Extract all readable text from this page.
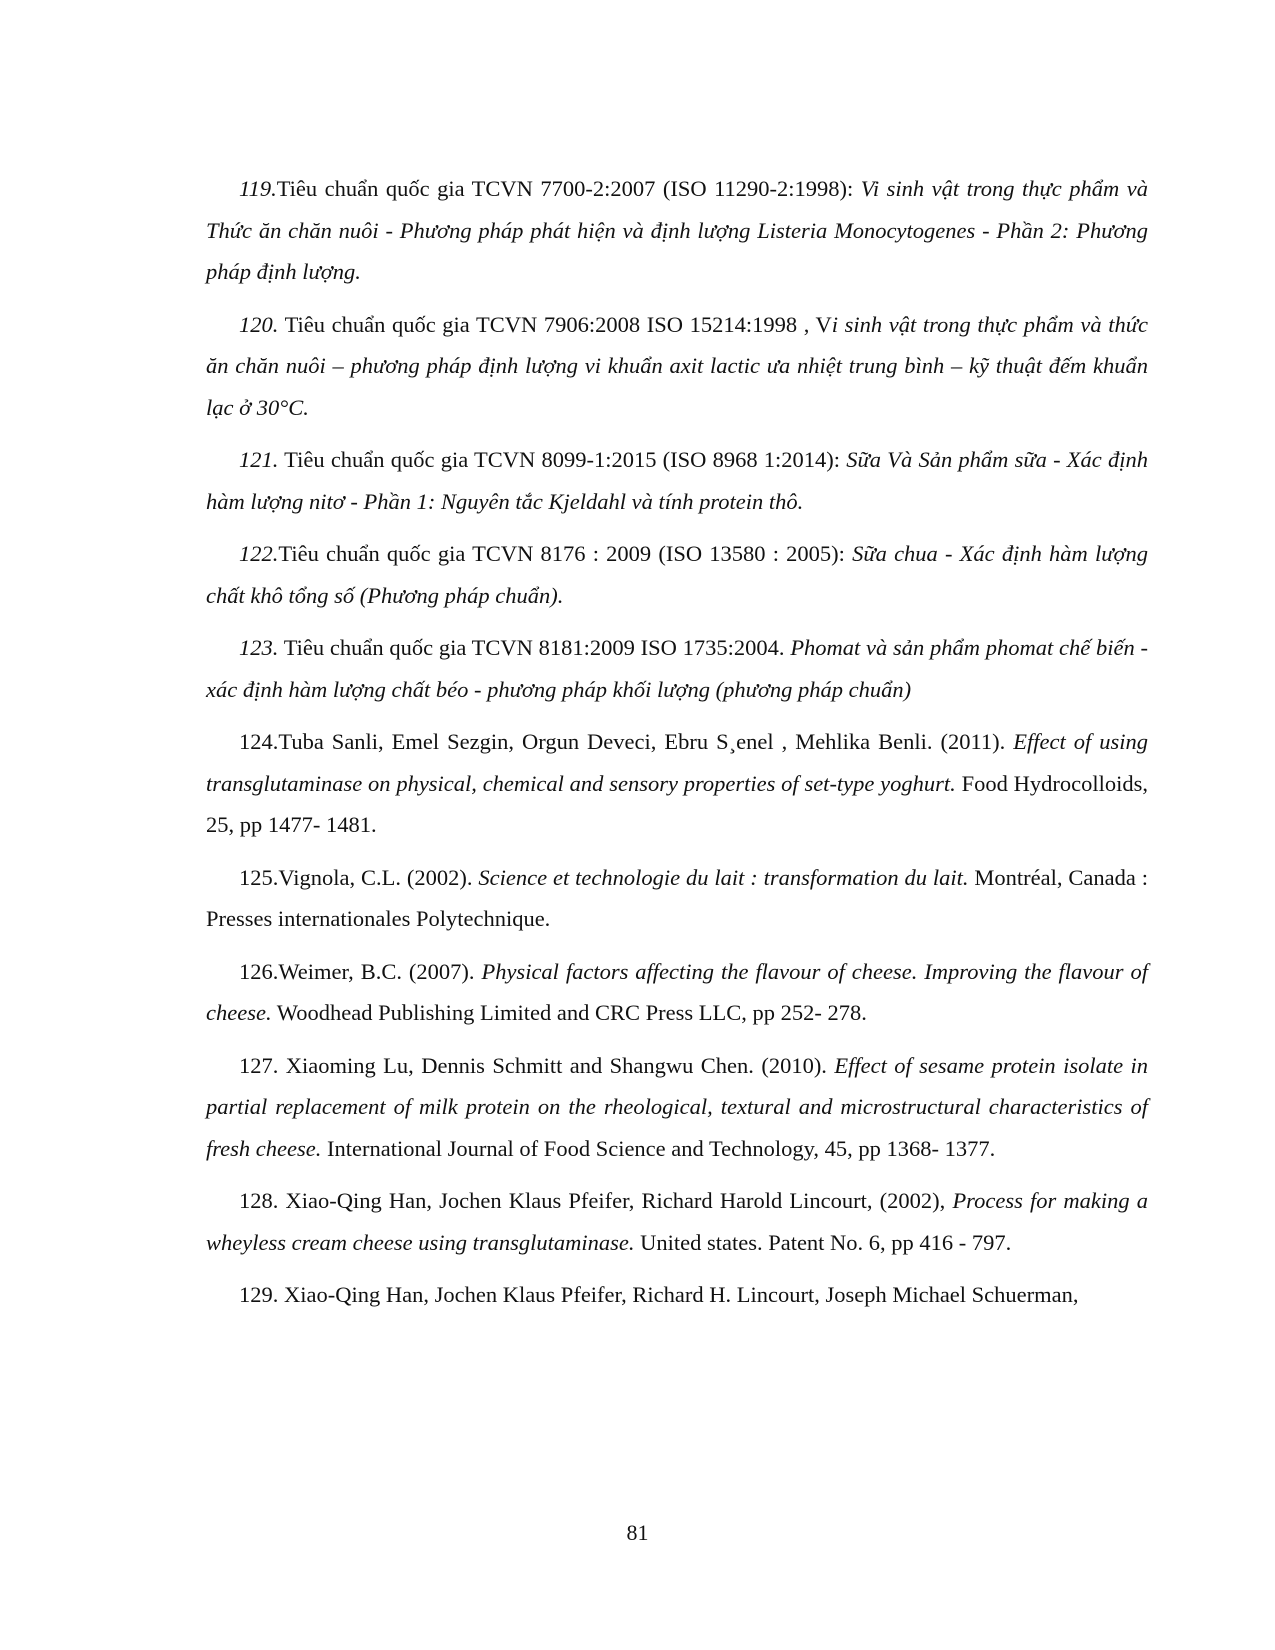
119.Tiêu chuẩn quốc gia TCVN 7700-2:2007 (ISO 11290-2:1998): Vi sinh vật trong thực phẩm và Thức ăn chăn nuôi - Phương pháp phát hiện và định lượng Listeria Monocytogenes - Phần 2: Phương pháp định lượng.

120. Tiêu chuẩn quốc gia TCVN 7906:2008 ISO 15214:1998 , Vi sinh vật trong thực phẩm và thức ăn chăn nuôi – phương pháp định lượng vi khuẩn axit lactic ưa nhiệt trung bình – kỹ thuật đếm khuẩn lạc ở 30°C.

121. Tiêu chuẩn quốc gia TCVN 8099-1:2015 (ISO 8968 1:2014): Sữa Và Sản phẩm sữa - Xác định hàm lượng nitơ - Phần 1: Nguyên tắc Kjeldahl và tính protein thô.

122.Tiêu chuẩn quốc gia TCVN 8176 : 2009 (ISO 13580 : 2005): Sữa chua - Xác định hàm lượng chất khô tổng số (Phương pháp chuẩn).

123. Tiêu chuẩn quốc gia TCVN 8181:2009 ISO 1735:2004. Phomat và sản phẩm phomat chế biến - xác định hàm lượng chất béo - phương pháp khối lượng (phương pháp chuẩn)

124.Tuba Sanli, Emel Sezgin, Orgun Deveci, Ebru S¸enel , Mehlika Benli. (2011). Effect of using transglutaminase on physical, chemical and sensory properties of set-type yoghurt. Food Hydrocolloids, 25, pp 1477- 1481.

125.Vignola, C.L. (2002). Science et technologie du lait : transformation du lait. Montréal, Canada : Presses internationales Polytechnique.

126.Weimer, B.C. (2007). Physical factors affecting the flavour of cheese. Improving the flavour of cheese. Woodhead Publishing Limited and CRC Press LLC, pp 252- 278.

127. Xiaoming Lu, Dennis Schmitt and Shangwu Chen. (2010). Effect of sesame protein isolate in partial replacement of milk protein on the rheological, textural and microstructural characteristics of fresh cheese. International Journal of Food Science and Technology, 45, pp 1368- 1377.

128. Xiao-Qing Han, Jochen Klaus Pfeifer, Richard Harold Lincourt, (2002), Process for making a wheyless cream cheese using transglutaminase. United states. Patent No. 6, pp 416 - 797.

129. Xiao-Qing Han, Jochen Klaus Pfeifer, Richard H. Lincourt, Joseph Michael Schuerman,

81
